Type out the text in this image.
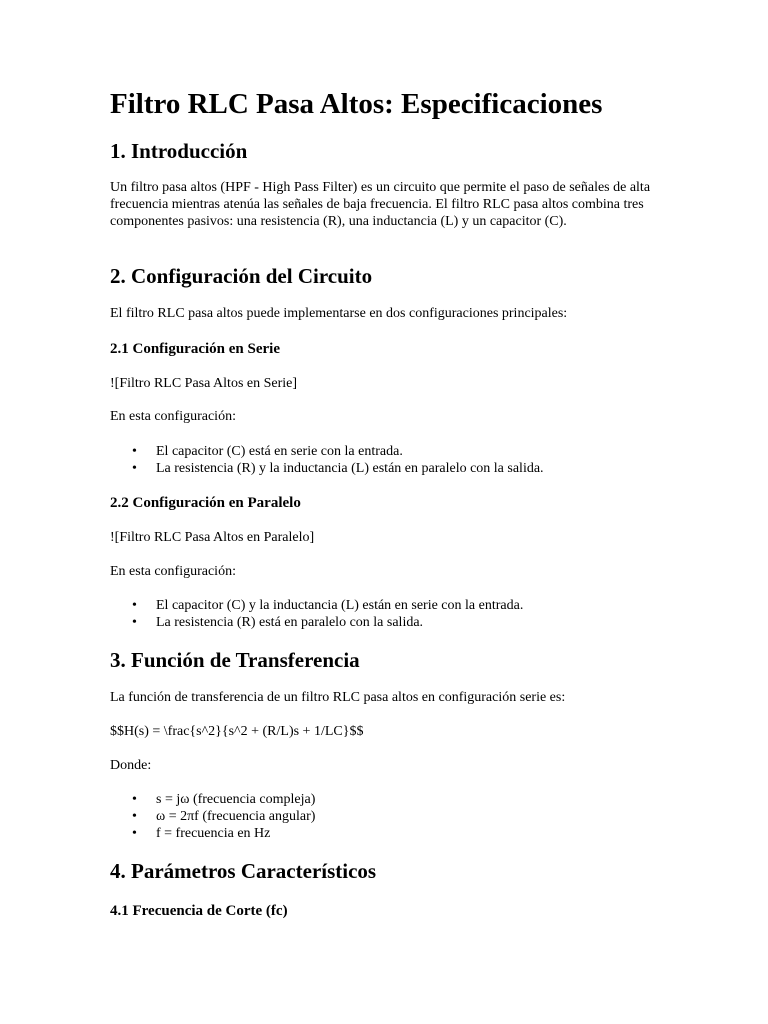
Filtro RLC Pasa Altos: Especificaciones
1. Introducción

Un filtro pasa altos (HPF - High Pass Filter) es un circuito que permite el paso de señales de alta frecuencia mientras atenúa las señales de baja frecuencia. El filtro RLC pasa altos combina tres componentes pasivos: una resistencia (R), una inductancia (L) y un capacitor (C).

2. Configuración del Circuito

El filtro RLC pasa altos puede implementarse en dos configuraciones principales:

2.1 Configuración en Serie

![Filtro RLC Pasa Altos en Serie]

En esta configuración:

• El capacitor (C) está en serie con la entrada.
• La resistencia (R) y la inductancia (L) están en paralelo con la salida.
2.2 Configuración en Paralelo

![Filtro RLC Pasa Altos en Paralelo]

En esta configuración:

• El capacitor (C) y la inductancia (L) están en serie con la entrada.
• La resistencia (R) está en paralelo con la salida.
3. Función de Transferencia

La función de transferencia de un filtro RLC pasa altos en configuración serie es:

$$H(s) = \frac{s^2}{s^2 + (R/L)s + 1/LC}$$

Donde:

• s = jω (frecuencia compleja)
• ω = 2πf (frecuencia angular)
• f = frecuencia en Hz
4. Parámetros Característicos
4.1 Frecuencia de Corte (fc)
